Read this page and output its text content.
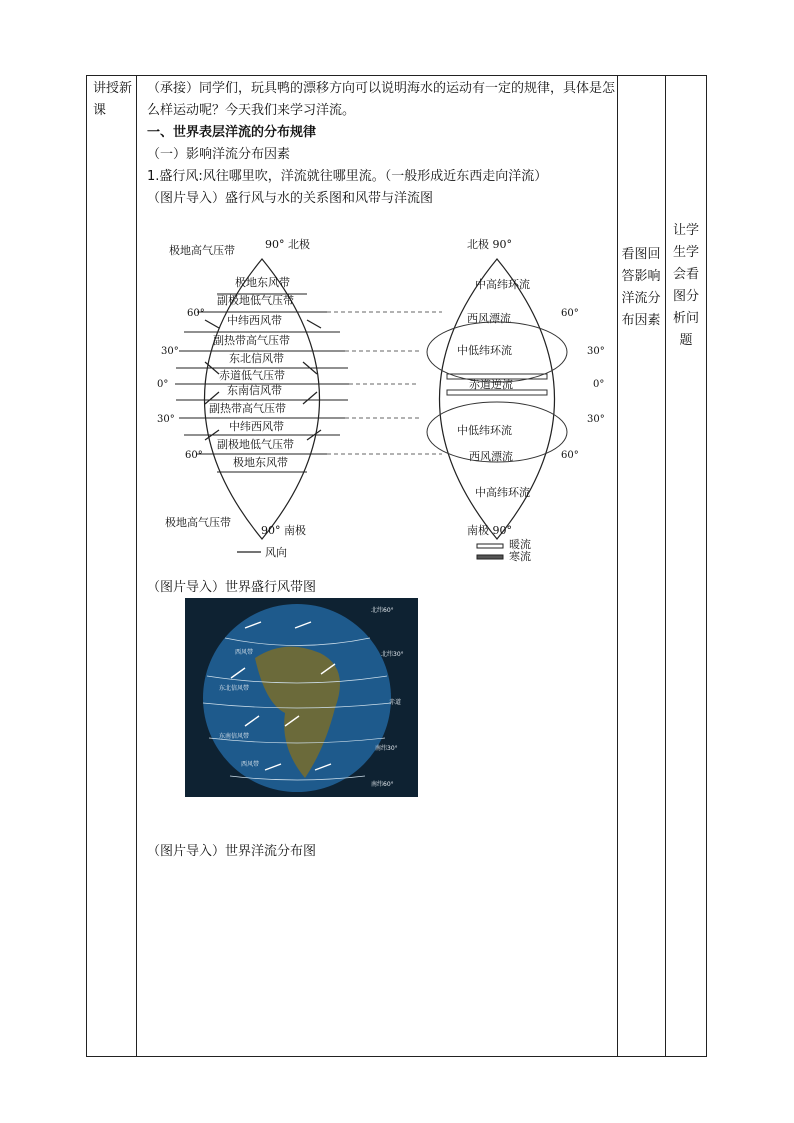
讲授新课

（承接）同学们，玩具鸭的漂移方向可以说明海水的运动有一定的规律，具体是怎么样运动呢？今天我们来学习洋流。

一、世界表层洋流的分布规律

（一）影响洋流分布因素

1.盛行风:风往哪里吹，洋流就往哪里流。（一般形成近东西走向洋流）

（图片导入）盛行风与水的关系图和风带与洋流图

极地高气压带	90° 北极
极地东风带
副极地低气压带
中纬西风带
副热带高气压带
东北信风带
赤道低气压带
东南信风带
副热带高气压带
中纬西风带
副极地低气压带
极地东风带
60°
30°
0°
30°
60°
极地高气压带
90° 南极
风向
北极 90°
中高纬环流
西风漂流
中低纬环流
赤道逆流
中低纬环流
西风漂流
中高纬环流
60°
30°
0°
30°
60°
南极 90°
暖流
寒流
（图片导入）世界盛行风带图
北纬60°
北纬30°
赤道
南纬30°
南纬60°
西风带
东北信风带
东南信风带
西风带
（图片导入）世界洋流分布图
看图回答影响洋流分布因素
让学生学会看图分析问题
